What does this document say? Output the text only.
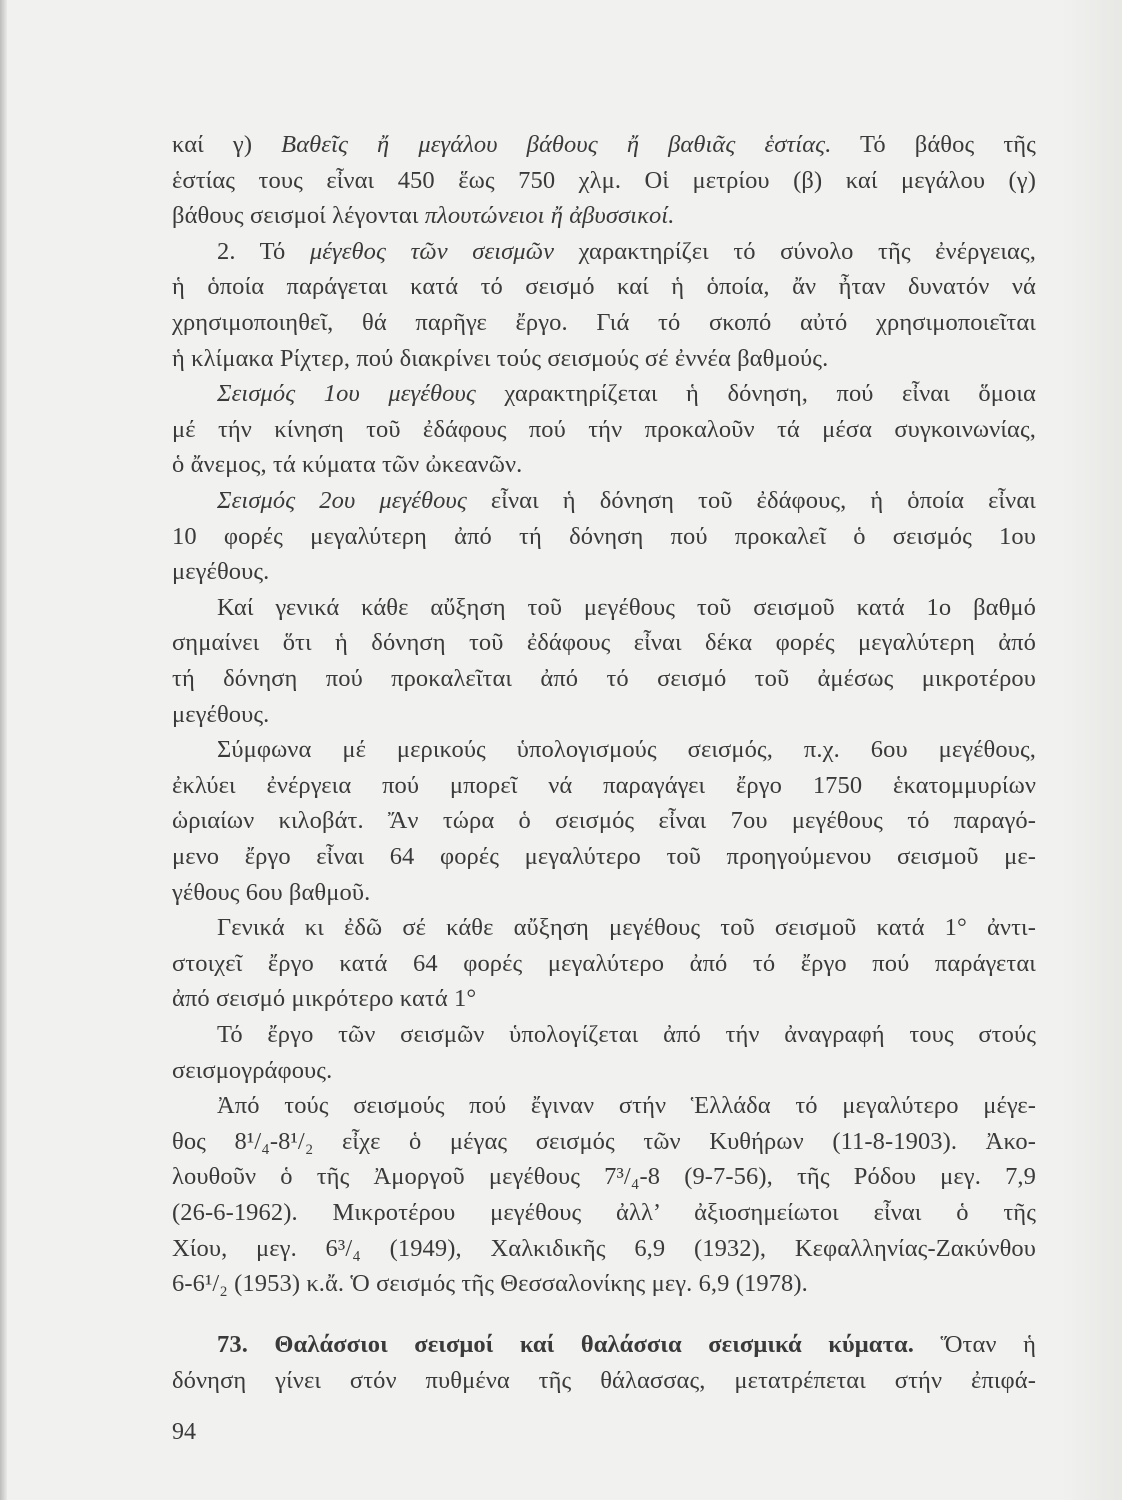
καί γ) Βαθεῖς ἤ μεγάλου βάθους ἤ βαθιᾶς ἑστίας. Τό βάθος τῆς
ἑστίας τους εἶναι 450 ἕως 750 χλμ. Οἱ μετρίου (β) καί μεγάλου (γ)
βάθους σεισμοί λέγονται πλουτώνειοι ἤ ἀβυσσικοί.
2. Τό μέγεθος τῶν σεισμῶν χαρακτηρίζει τό σύνολο τῆς ἐνέργειας,
ἡ ὁποία παράγεται κατά τό σεισμό καί ἡ ὁποία, ἄν ἦταν δυνατόν νά
χρησιμοποιηθεῖ, θά παρῆγε ἔργο. Γιά τό σκοπό αὐτό χρησιμοποιεῖται
ἡ κλίμακα Ρίχτερ, πού διακρίνει τούς σεισμούς σέ ἐννέα βαθμούς.
Σεισμός 1ου μεγέθους χαρακτηρίζεται ἡ δόνηση, πού εἶναι ὅμοια
μέ τήν κίνηση τοῦ ἐδάφους πού τήν προκαλοῦν τά μέσα συγκοινωνίας,
ὁ ἄνεμος, τά κύματα τῶν ὠκεανῶν.
Σεισμός 2ου μεγέθους εἶναι ἡ δόνηση τοῦ ἐδάφους, ἡ ὁποία εἶναι
10 φορές μεγαλύτερη ἀπό τή δόνηση πού προκαλεῖ ὁ σεισμός 1ου
μεγέθους.
Καί γενικά κάθε αὔξηση τοῦ μεγέθους τοῦ σεισμοῦ κατά 1ο βαθμό
σημαίνει ὅτι ἡ δόνηση τοῦ ἐδάφους εἶναι δέκα φορές μεγαλύτερη ἀπό
τή δόνηση πού προκαλεῖται ἀπό τό σεισμό τοῦ ἀμέσως μικροτέρου
μεγέθους.
Σύμφωνα μέ μερικούς ὑπολογισμούς σεισμός, π.χ. 6ου μεγέθους,
ἐκλύει ἐνέργεια πού μπορεῖ νά παραγάγει ἔργο 1750 ἑκατομμυρίων
ὡριαίων κιλοβάτ. Ἄν τώρα ὁ σεισμός εἶναι 7ου μεγέθους τό παραγό-
μενο ἔργο εἶναι 64 φορές μεγαλύτερο τοῦ προηγούμενου σεισμοῦ με-
γέθους 6ου βαθμοῦ.
Γενικά κι ἐδῶ σέ κάθε αὔξηση μεγέθους τοῦ σεισμοῦ κατά 1° ἀντι-
στοιχεῖ ἔργο κατά 64 φορές μεγαλύτερο ἀπό τό ἔργο πού παράγεται
ἀπό σεισμό μικρότερο κατά 1°
Τό ἔργο τῶν σεισμῶν ὑπολογίζεται ἀπό τήν ἀναγραφή τους στούς
σεισμογράφους.
Ἀπό τούς σεισμούς πού ἔγιναν στήν Ἑλλάδα τό μεγαλύτερο μέγε-
θος 8¹/₄-8¹/₂ εἶχε ὁ μέγας σεισμός τῶν Κυθήρων (11-8-1903). Ἀκο-
λουθοῦν ὁ τῆς Ἀμοργοῦ μεγέθους 7³/₄-8 (9-7-56), τῆς Ρόδου μεγ. 7,9
(26-6-1962). Μικροτέρου μεγέθους ἀλλ’ ἀξιοσημείωτοι εἶναι ὁ τῆς
Χίου, μεγ. 6³/₄ (1949), Χαλκιδικῆς 6,9 (1932), Κεφαλληνίας-Ζακύνθου
6-6¹/₂ (1953) κ.ἄ. Ὁ σεισμός τῆς Θεσσαλονίκης μεγ. 6,9 (1978).
73. Θαλάσσιοι σεισμοί καί θαλάσσια σεισμικά κύματα. Ὅταν ἡ
δόνηση γίνει στόν πυθμένα τῆς θάλασσας, μετατρέπεται στήν ἐπιφά-
94
